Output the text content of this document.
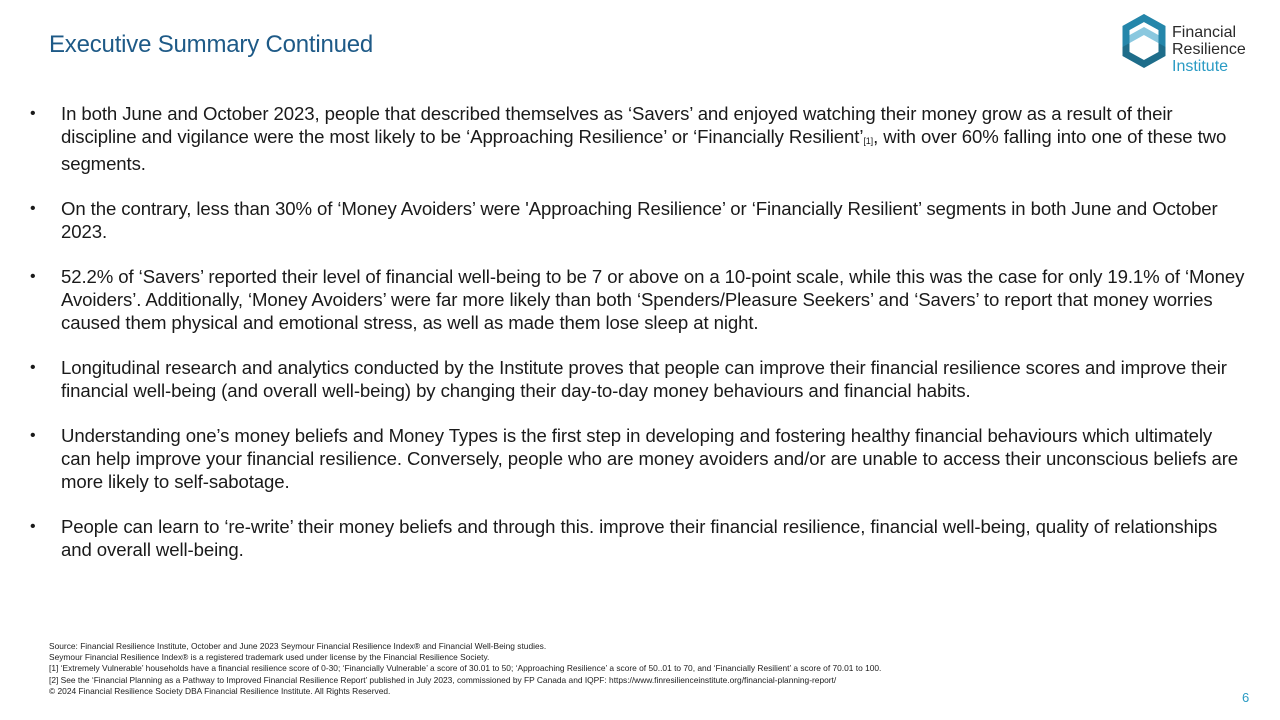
Executive Summary Continued	Financial
Resilience
Institute
• In both June and October 2023, people that described themselves as ‘Savers’ and enjoyed watching their money grow as a result of their discipline and vigilance were the most likely to be ‘Approaching Resilience’ or ‘Financially Resilient’[1], with over 60% falling into one of these two segments.
• On the contrary, less than 30% of ‘Money Avoiders’ were 'Approaching Resilience’ or ‘Financially Resilient’ segments in both June and October 2023.
• 52.2% of ‘Savers’ reported their level of financial well-being to be 7 or above on a 10-point scale, while this was the case for only 19.1% of ‘Money Avoiders’. Additionally, ‘Money Avoiders’ were far more likely than both ‘Spenders/Pleasure Seekers’ and ‘Savers’ to report that money worries caused them physical and emotional stress, as well as made them lose sleep at night.
• Longitudinal research and analytics conducted by the Institute proves that people can improve their financial resilience scores and improve their financial well-being (and overall well-being) by changing their day-to-day money behaviours and financial habits.
• Understanding one’s money beliefs and Money Types is the first step in developing and fostering healthy financial behaviours which ultimately can help improve your financial resilience. Conversely, people who are money avoiders and/or are unable to access their unconscious beliefs are more likely to self-sabotage.
• People can learn to ‘re-write’ their money beliefs and through this. improve their financial resilience, financial well-being, quality of relationships and overall well-being.
Source: Financial Resilience Institute, October and June 2023 Seymour Financial Resilience Index® and Financial Well-Being studies.
Seymour Financial Resilience Index® is a registered trademark used under license by the Financial Resilience Society.
[1] ‘Extremely Vulnerable’ households have a financial resilience score of 0-30; ‘Financially Vulnerable’ a score of 30.01 to 50; ‘Approaching Resilience’ a score of 50..01 to 70, and ‘Financially Resilient’ a score of 70.01 to 100.
[2] See the ‘Financial Planning as a Pathway to Improved Financial Resilience Report’ published in July 2023, commissioned by FP Canada and IQPF: https://www.finresilienceinstitute.org/financial-planning-report/
© 2024 Financial Resilience Society DBA Financial Resilience Institute. All Rights Reserved.	6
